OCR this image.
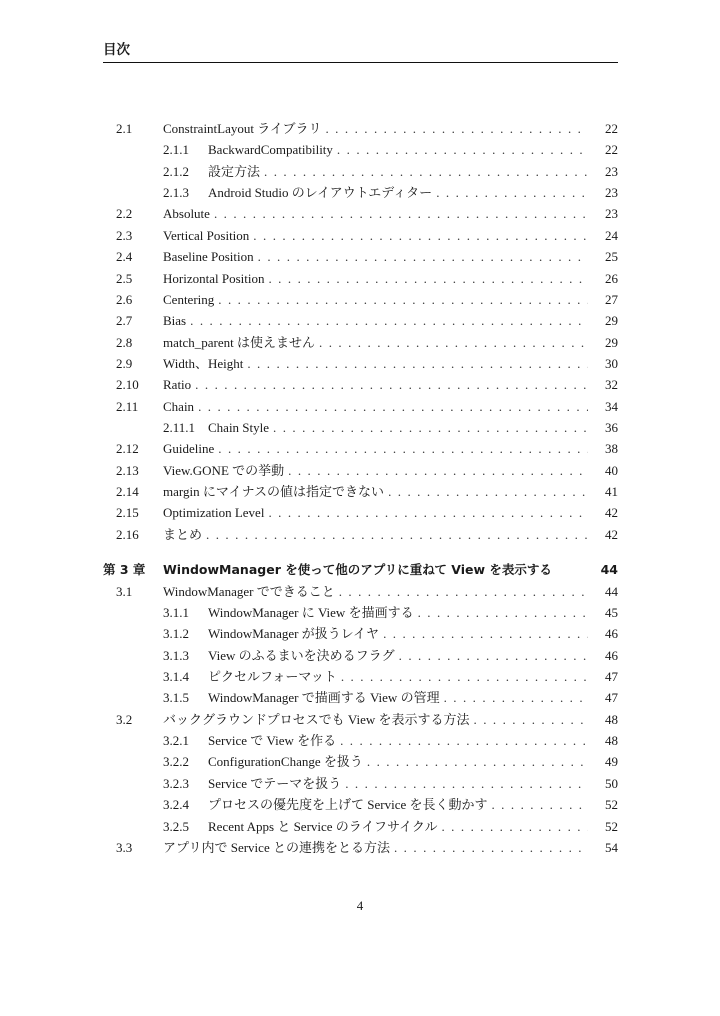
目次
2.1 ConstraintLayout ライブラリ . . .	22
2.1.1 BackwardCompatibility . . .	22
2.1.2 設定方法 . . .	23
2.1.3 Android Studio のレイアウトエディター . . .	23
2.2 Absolute . . .	23
2.3 Vertical Position . . .	24
2.4 Baseline Position . . .	25
2.5 Horizontal Position . . .	26
2.6 Centering . . .	27
2.7 Bias . . .	29
2.8 match_parent は使えません . . .	29
2.9 Width、Height . . .	30
2.10 Ratio . . .	32
2.11 Chain . . .	34
2.11.1 Chain Style . . .	36
2.12 Guideline . . .	38
2.13 View.GONE での挙動 . . .	40
2.14 margin にマイナスの値は指定できない . . .	41
2.15 Optimization Level . . .	42
2.16 まとめ . . .	42
第 3 章 WindowManager を使って他のアプリに重ねて View を表示する	44
3.1 WindowManager でできること . . .	44
3.1.1 WindowManager に View を描画する . . .	45
3.1.2 WindowManager が扱うレイヤ . . .	46
3.1.3 View のふるまいを決めるフラグ . . .	46
3.1.4 ピクセルフォーマット . . .	47
3.1.5 WindowManager で描画する View の管理 . . .	47
3.2 バックグラウンドプロセスでも View を表示する方法 . . .	48
3.2.1 Service で View を作る . . .	48
3.2.2 ConfigurationChange を扱う . . .	49
3.2.3 Service でテーマを扱う . . .	50
3.2.4 プロセスの優先度を上げて Service を長く動かす . . .	52
3.2.5 Recent Apps と Service のライフサイクル . . .	52
3.3 アプリ内で Service との連携をとる方法 . . .	54
4
